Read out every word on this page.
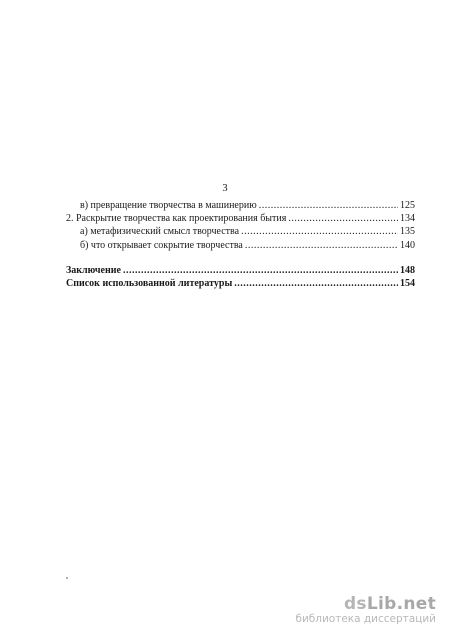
3
в) превращение творчества в машинерию .....	125
2. Раскрытие творчества как проектирования бытия .....	134
а) метафизический смысл творчества .....	135
б) что открывает сокрытие творчества .....	140
Заключение .....	148
Список использованной литературы .....	154
dsLib.net
библиотека диссертаций
